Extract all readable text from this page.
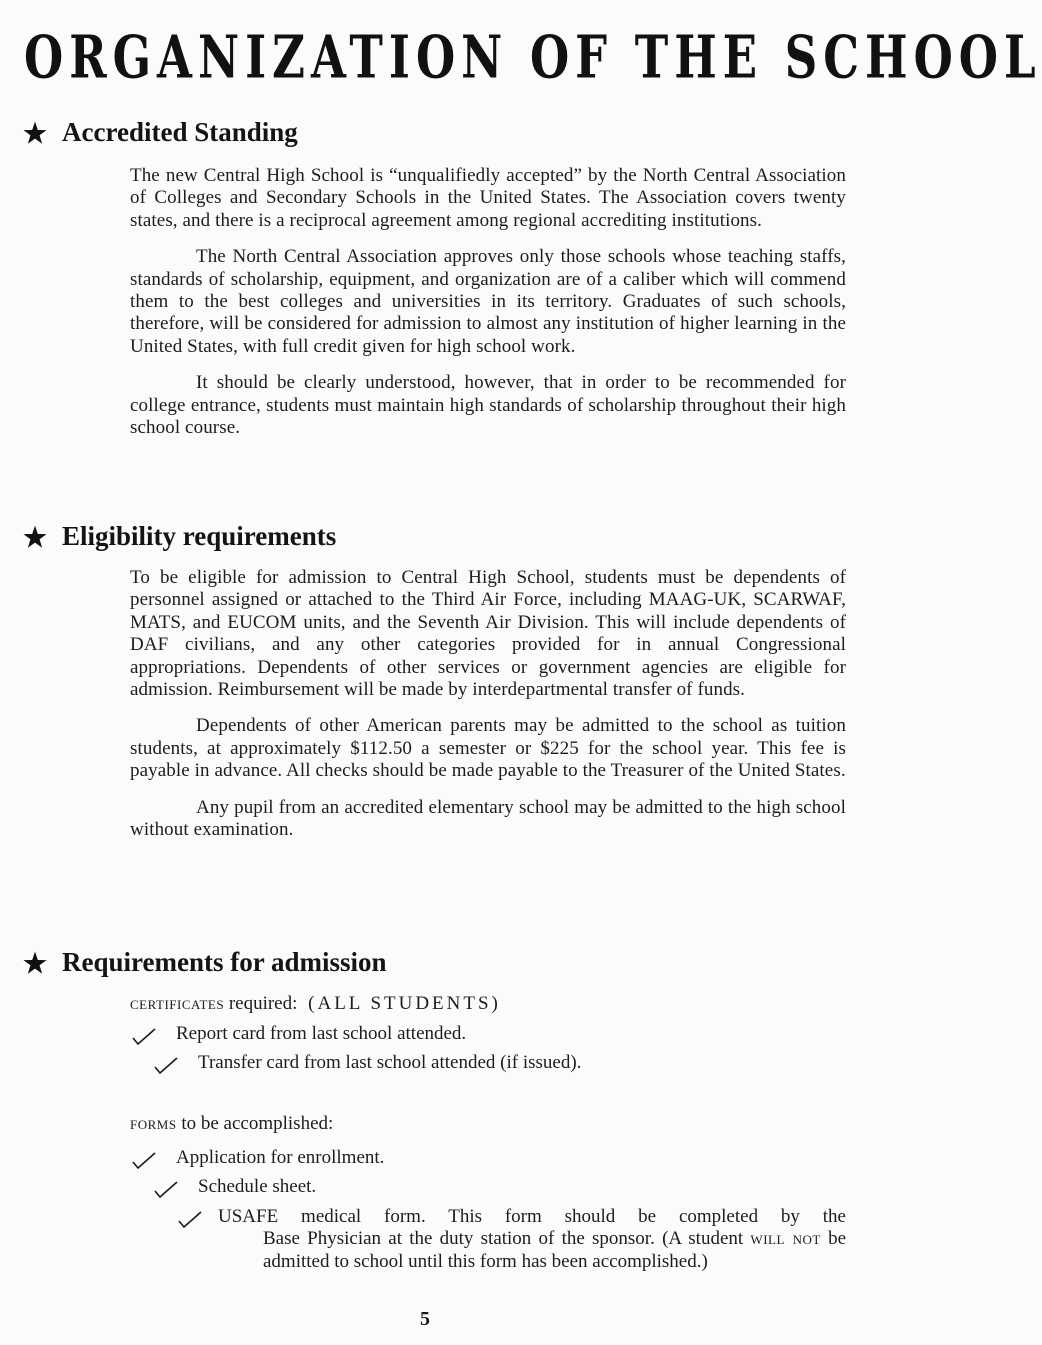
ORGANIZATION OF THE SCHOOL
Accredited Standing

The new Central High School is “unqualifiedly accepted” by the North Central Association of Colleges and Secondary Schools in the United States. The Association covers twenty states, and there is a reciprocal agreement among regional accrediting institutions.

The North Central Association approves only those schools whose teaching staffs, standards of scholarship, equipment, and organization are of a caliber which will commend them to the best colleges and universities in its territory. Graduates of such schools, therefore, will be considered for admission to almost any institution of higher learning in the United States, with full credit given for high school work.

It should be clearly understood, however, that in order to be recommended for college entrance, students must maintain high standards of scholarship throughout their high school course.

Eligibility requirements

To be eligible for admission to Central High School, students must be dependents of personnel assigned or attached to the Third Air Force, including MAAG-UK, SCARWAF, MATS, and EUCOM units, and the Seventh Air Division. This will include dependents of DAF civilians, and any other categories provided for in annual Congressional appropriations. Dependents of other services or government agencies are eligible for admission. Reimbursement will be made by interdepartmental transfer of funds.

Dependents of other American parents may be admitted to the school as tuition students, at approximately $112.50 a semester or $225 for the school year. This fee is payable in advance. All checks should be made payable to the Treasurer of the United States.

Any pupil from an accredited elementary school may be admitted to the high school without examination.

Requirements for admission
certificates required: (ALL STUDENTS)
Report card from last school attended.
Transfer card from last school attended (if issued).
forms to be accomplished:
Application for enrollment.
Schedule sheet.
USAFE medical form. This form should be completed by the
Base Physician at the duty station of the sponsor. (A student will not be admitted to school until this form has been accomplished.)
5
